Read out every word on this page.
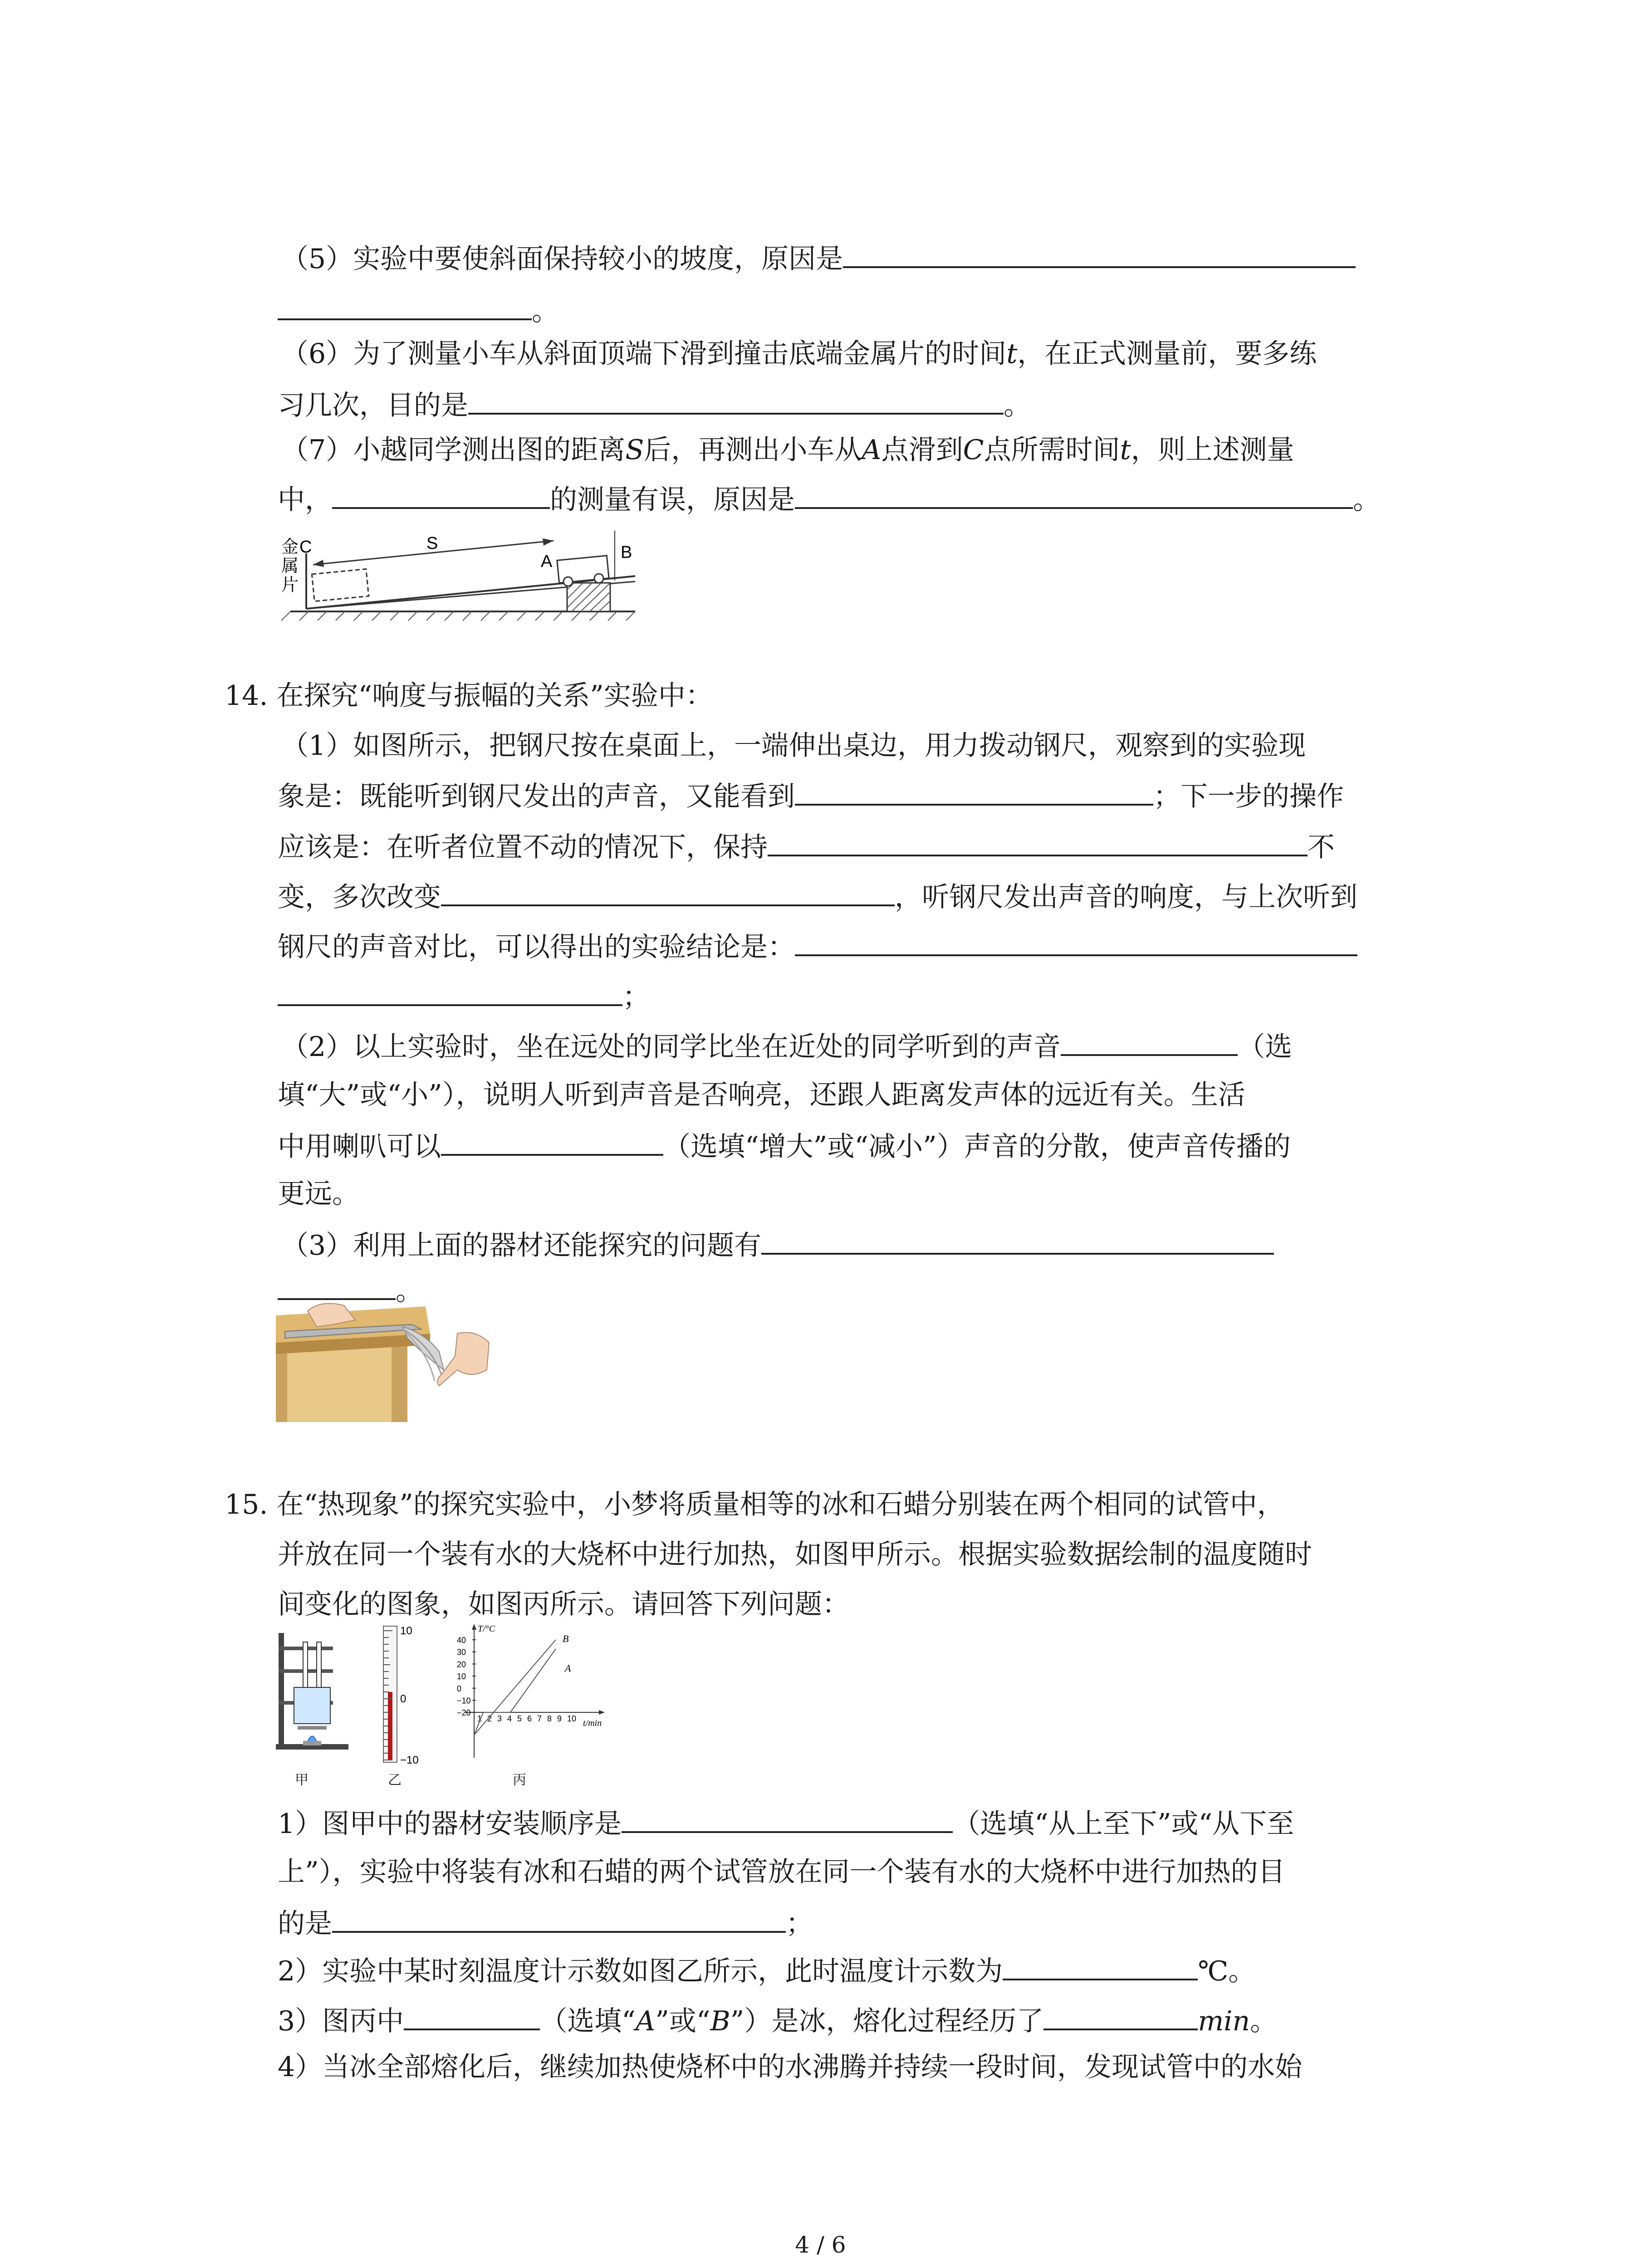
（5）实验中要使斜面保持较小的坡度，原因是
。
（6）为了测量小车从斜面顶端下滑到撞击底端金属片的时间t，在正式测量前，要多练
习几次，目的是	。
（7）小越同学测出图的距离S后，再测出小车从A点滑到C点所需时间t，则上述测量
中，	的测量有误，原因是	。
金
属
片
C	S
A	B
14. 在探究“响度与振幅的关系”实验中：
（1）如图所示，把钢尺按在桌面上，一端伸出桌边，用力拨动钢尺，观察到的实验现
象是：既能听到钢尺发出的声音，又能看到	；下一步的操作
应该是：在听者位置不动的情况下，保持	不
变，多次改变	，听钢尺发出声音的响度，与上次听到
钢尺的声音对比，可以得出的实验结论是：
；
（2）以上实验时，坐在远处的同学比坐在近处的同学听到的声音	（选
填“大”或“小”），说明人听到声音是否响亮，还跟人距离发声体的远近有关。生活
中用喇叭可以	（选填“增大”或“减小”）声音的分散，使声音传播的
更远。
（3）利用上面的器材还能探究的问题有
。
15. 在“热现象”的探究实验中，小梦将质量相等的冰和石蜡分别装在两个相同的试管中，
并放在同一个装有水的大烧杯中进行加热，如图甲所示。根据实验数据绘制的温度随时
间变化的图象，如图丙所示。请回答下列问题：
甲
10
0
−10
乙
T/°C
t/min
40
30
20
10
0
−10
−20
1 2 3 4 5 6 7 8 9 10
B
A
丙
1）图甲中的器材安装顺序是	（选填“从上至下”或“从下至
上”），实验中将装有冰和石蜡的两个试管放在同一个装有水的大烧杯中进行加热的目
的是	；
2）实验中某时刻温度计示数如图乙所示，此时温度计示数为	℃。
3）图丙中	（选填“A”或“B”）是冰，熔化过程经历了	min。
4）当冰全部熔化后，继续加热使烧杯中的水沸腾并持续一段时间，发现试管中的水始
4 / 6
